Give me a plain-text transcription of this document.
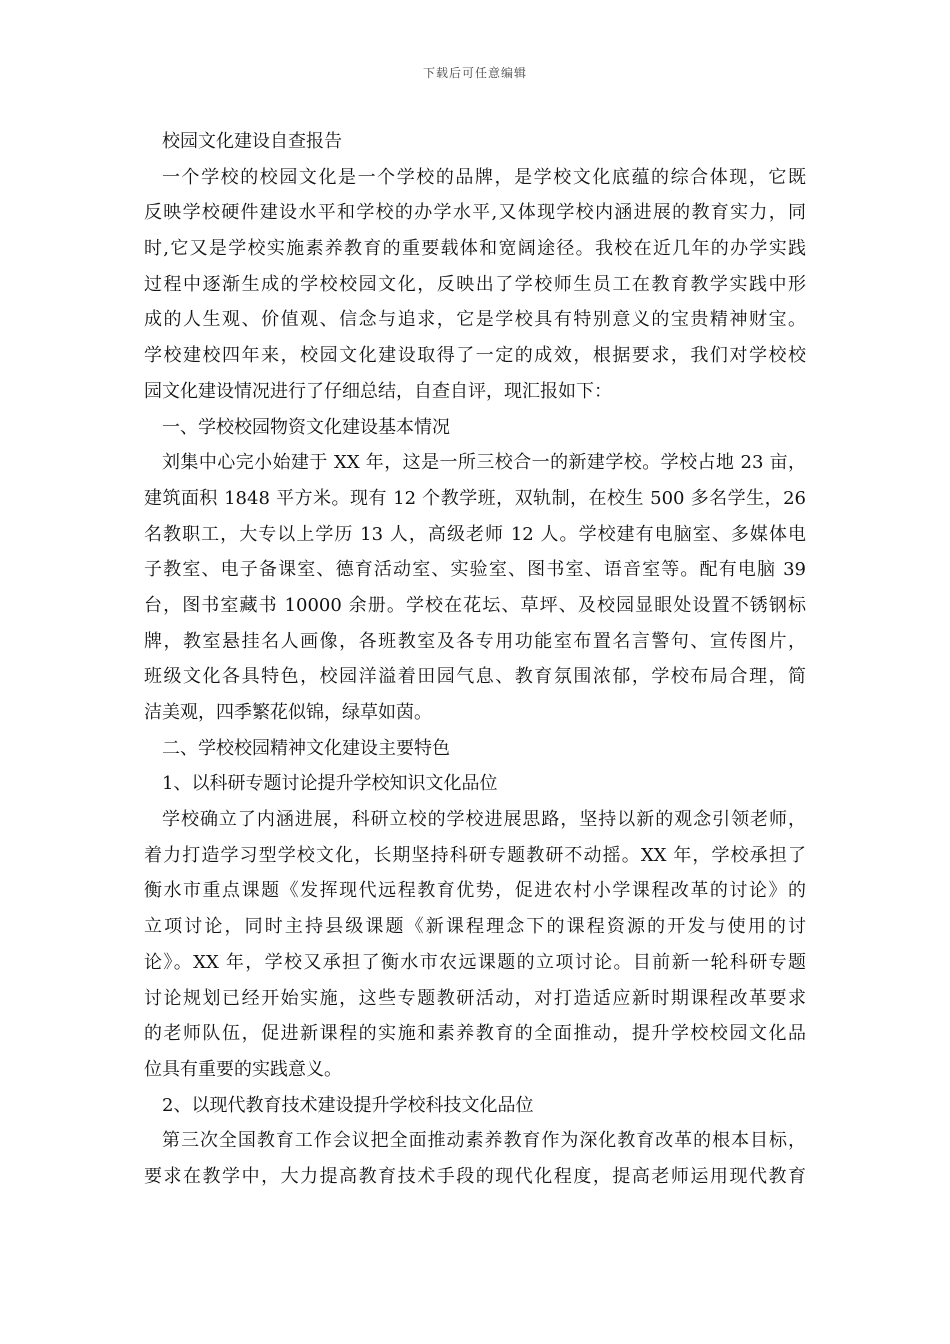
下载后可任意编辑
校园文化建设自查报告
一个学校的校园文化是一个学校的品牌，是学校文化底蕴的综合体现，它既
反映学校硬件建设水平和学校的办学水平,又体现学校内涵进展的教育实力，同
时,它又是学校实施素养教育的重要载体和宽阔途径。我校在近几年的办学实践
过程中逐渐生成的学校校园文化，反映出了学校师生员工在教育教学实践中形
成的人生观、价值观、信念与追求，它是学校具有特别意义的宝贵精神财宝。
学校建校四年来，校园文化建设取得了一定的成效，根据要求，我们对学校校
园文化建设情况进行了仔细总结，自查自评，现汇报如下：
一、学校校园物资文化建设基本情况
刘集中心完小始建于 XX 年，这是一所三校合一的新建学校。学校占地 23 亩，
建筑面积 1848 平方米。现有 12 个教学班，双轨制，在校生 500 多名学生，26
名教职工，大专以上学历 13 人，高级老师 12 人。学校建有电脑室、多媒体电
子教室、电子备课室、德育活动室、实验室、图书室、语音室等。配有电脑 39
台，图书室藏书 10000 余册。学校在花坛、草坪、及校园显眼处设置不锈钢标
牌，教室悬挂名人画像，各班教室及各专用功能室布置名言警句、宣传图片，
班级文化各具特色，校园洋溢着田园气息、教育氛围浓郁，学校布局合理，简
洁美观，四季繁花似锦，绿草如茵。
二、学校校园精神文化建设主要特色
1、以科研专题讨论提升学校知识文化品位
学校确立了内涵进展，科研立校的学校进展思路，坚持以新的观念引领老师，
着力打造学习型学校文化，长期坚持科研专题教研不动摇。XX 年，学校承担了
衡水市重点课题《发挥现代远程教育优势，促进农村小学课程改革的讨论》的
立项讨论，同时主持县级课题《新课程理念下的课程资源的开发与使用的讨
论》。XX 年，学校又承担了衡水市农远课题的立项讨论。目前新一轮科研专题
讨论规划已经开始实施，这些专题教研活动，对打造适应新时期课程改革要求
的老师队伍，促进新课程的实施和素养教育的全面推动，提升学校校园文化品
位具有重要的实践意义。
2、以现代教育技术建设提升学校科技文化品位
第三次全国教育工作会议把全面推动素养教育作为深化教育改革的根本目标，
要求在教学中，大力提高教育技术手段的现代化程度，提高老师运用现代教育
